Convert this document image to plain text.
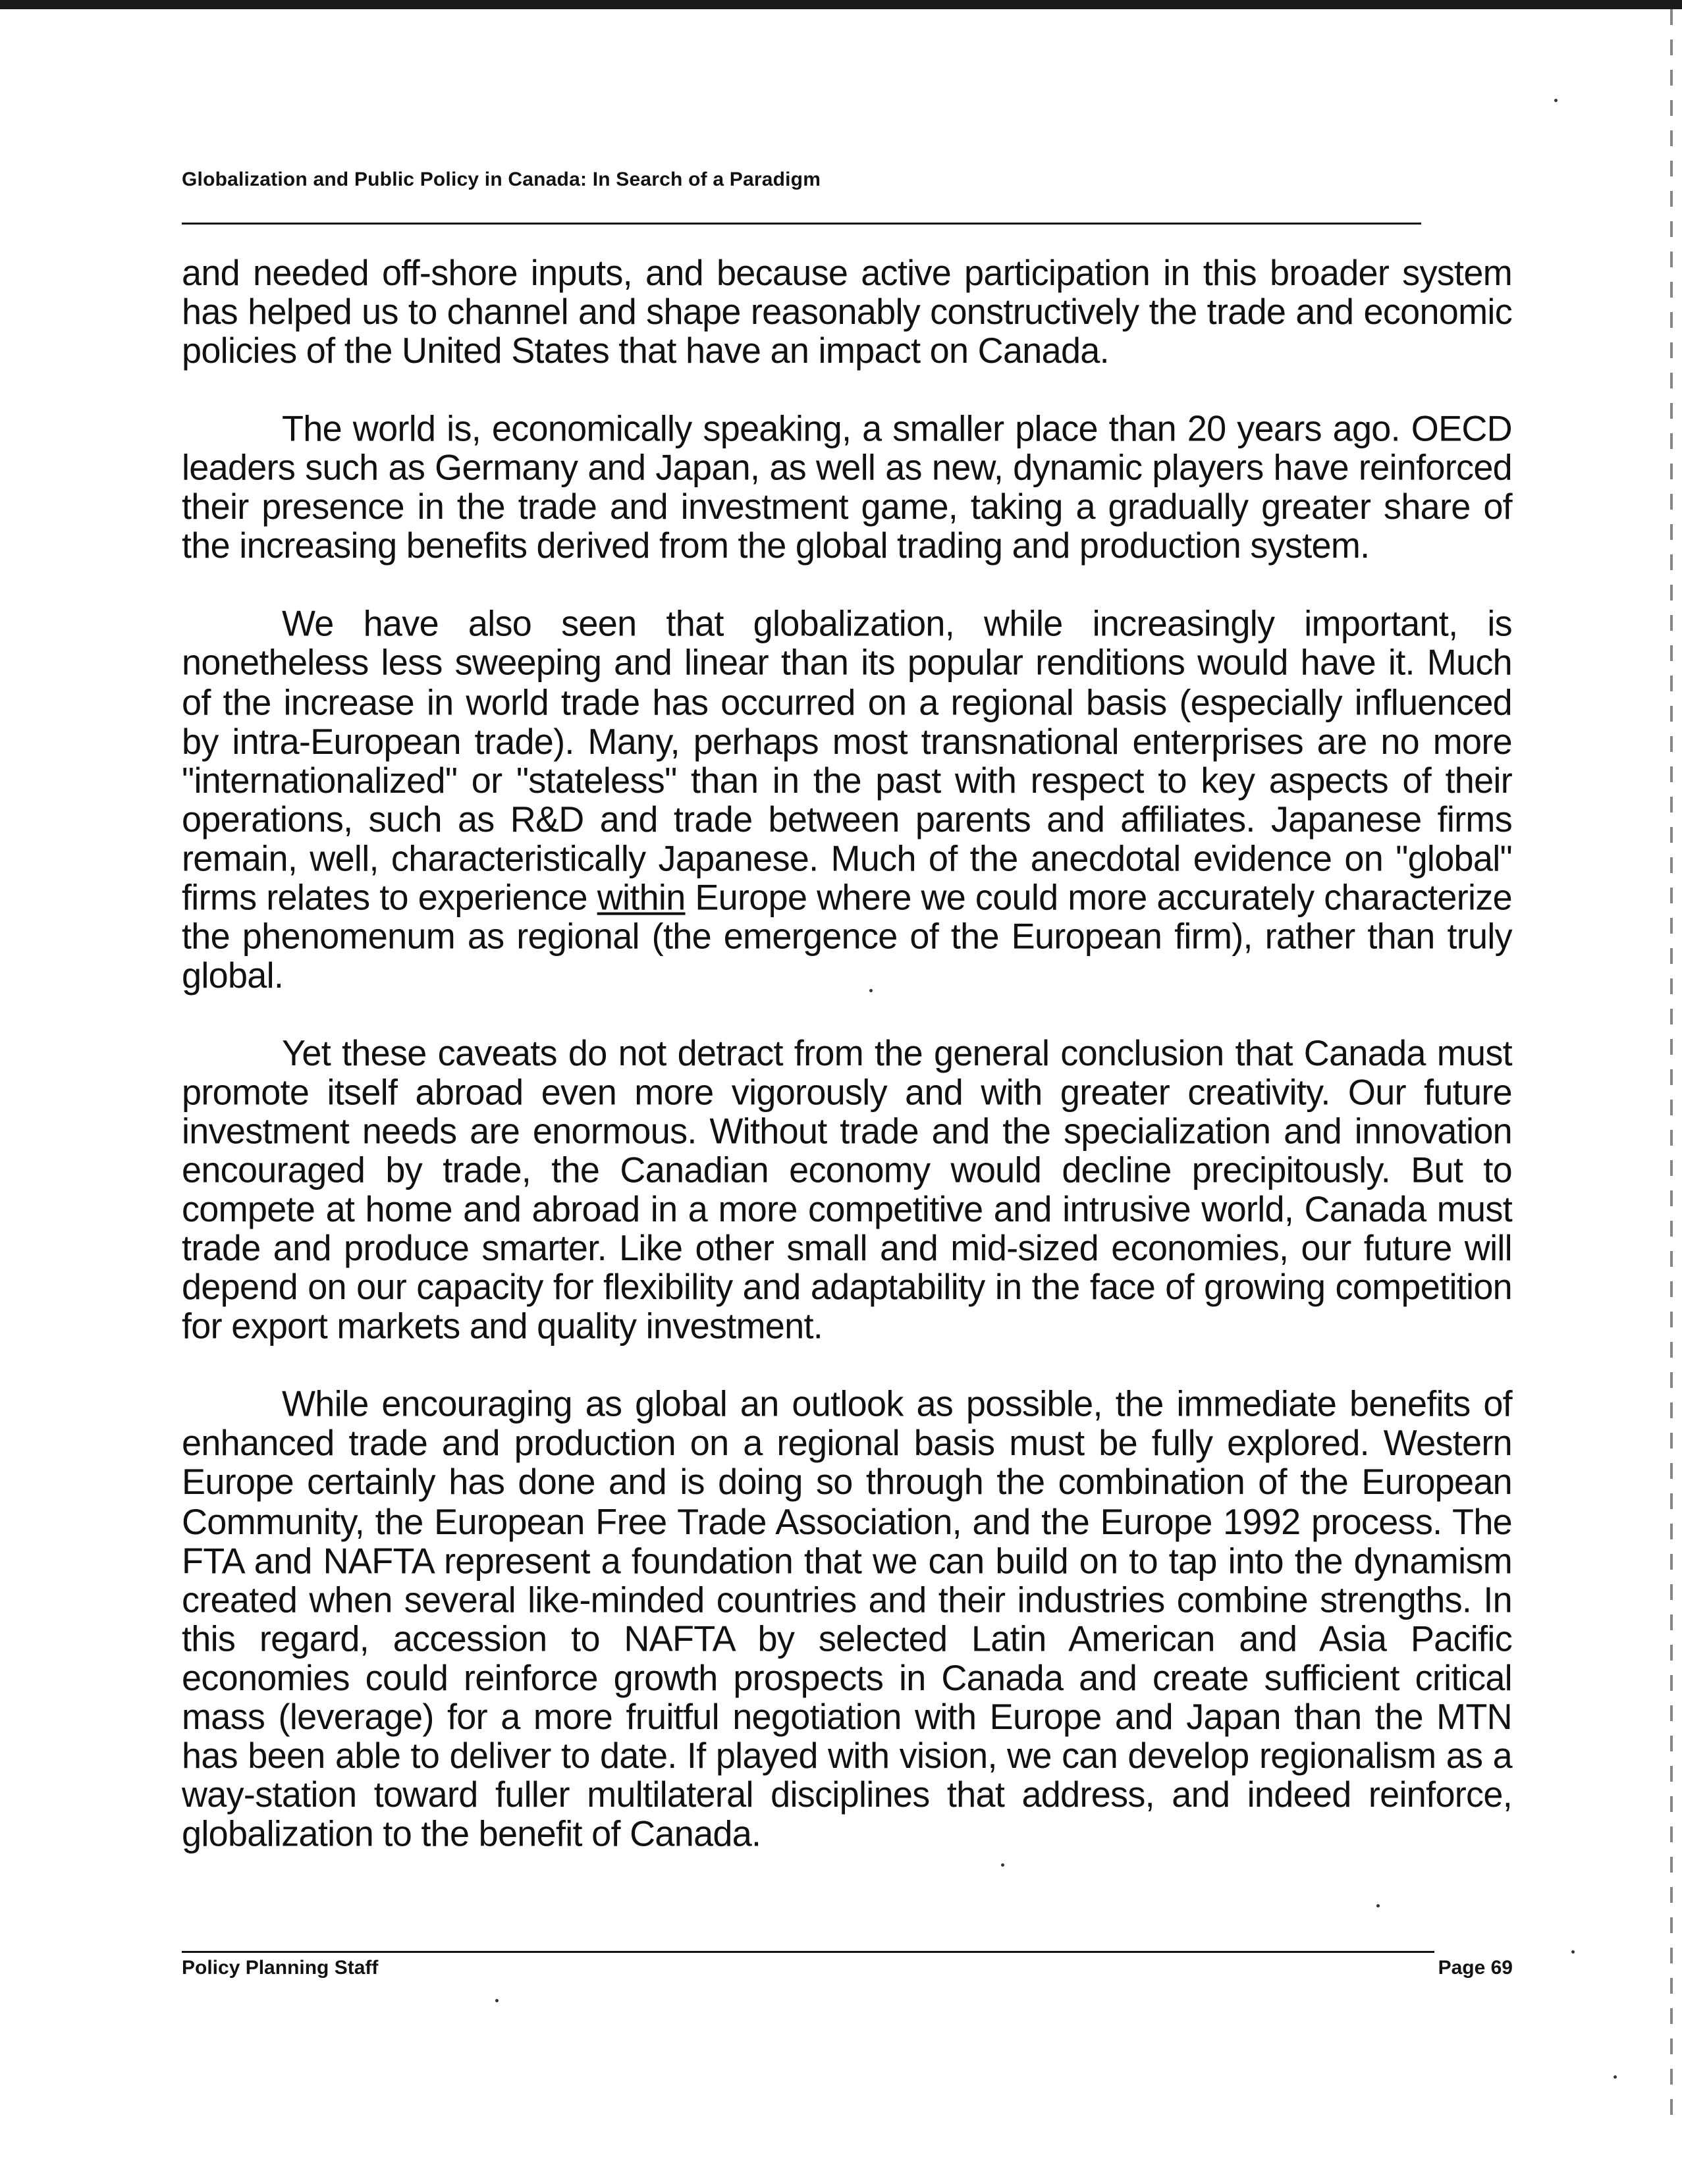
Globalization and Public Policy in Canada: In Search of a Paradigm

and needed off-shore inputs, and because active participation in this broader system has helped us to channel and shape reasonably constructively the trade and economic policies of the United States that have an impact on Canada.

The world is, economically speaking, a smaller place than 20 years ago. OECD leaders such as Germany and Japan, as well as new, dynamic players have reinforced their presence in the trade and investment game, taking a gradually greater share of the increasing benefits derived from the global trading and production system.

We have also seen that globalization, while increasingly important, is nonetheless less sweeping and linear than its popular renditions would have it. Much of the increase in world trade has occurred on a regional basis (especially influenced by intra-European trade). Many, perhaps most transnational enterprises are no more "internationalized" or "stateless" than in the past with respect to key aspects of their operations, such as R&D and trade between parents and affiliates. Japanese firms remain, well, characteristically Japanese. Much of the anecdotal evidence on "global" firms relates to experience within Europe where we could more accurately characterize the phenomenum as regional (the emergence of the European firm), rather than truly global.

Yet these caveats do not detract from the general conclusion that Canada must promote itself abroad even more vigorously and with greater creativity. Our future investment needs are enormous. Without trade and the specialization and innovation encouraged by trade, the Canadian economy would decline precipitously. But to compete at home and abroad in a more competitive and intrusive world, Canada must trade and produce smarter. Like other small and mid-sized economies, our future will depend on our capacity for flexibility and adaptability in the face of growing competition for export markets and quality investment.

While encouraging as global an outlook as possible, the immediate benefits of enhanced trade and production on a regional basis must be fully explored. Western Europe certainly has done and is doing so through the combination of the European Community, the European Free Trade Association, and the Europe 1992 process. The FTA and NAFTA represent a foundation that we can build on to tap into the dynamism created when several like-minded countries and their industries combine strengths. In this regard, accession to NAFTA by selected Latin American and Asia Pacific economies could reinforce growth prospects in Canada and create sufficient critical mass (leverage) for a more fruitful negotiation with Europe and Japan than the MTN has been able to deliver to date. If played with vision, we can develop regionalism as a way-station toward fuller multilateral disciplines that address, and indeed reinforce, globalization to the benefit of Canada.

Policy Planning Staff	Page 69
